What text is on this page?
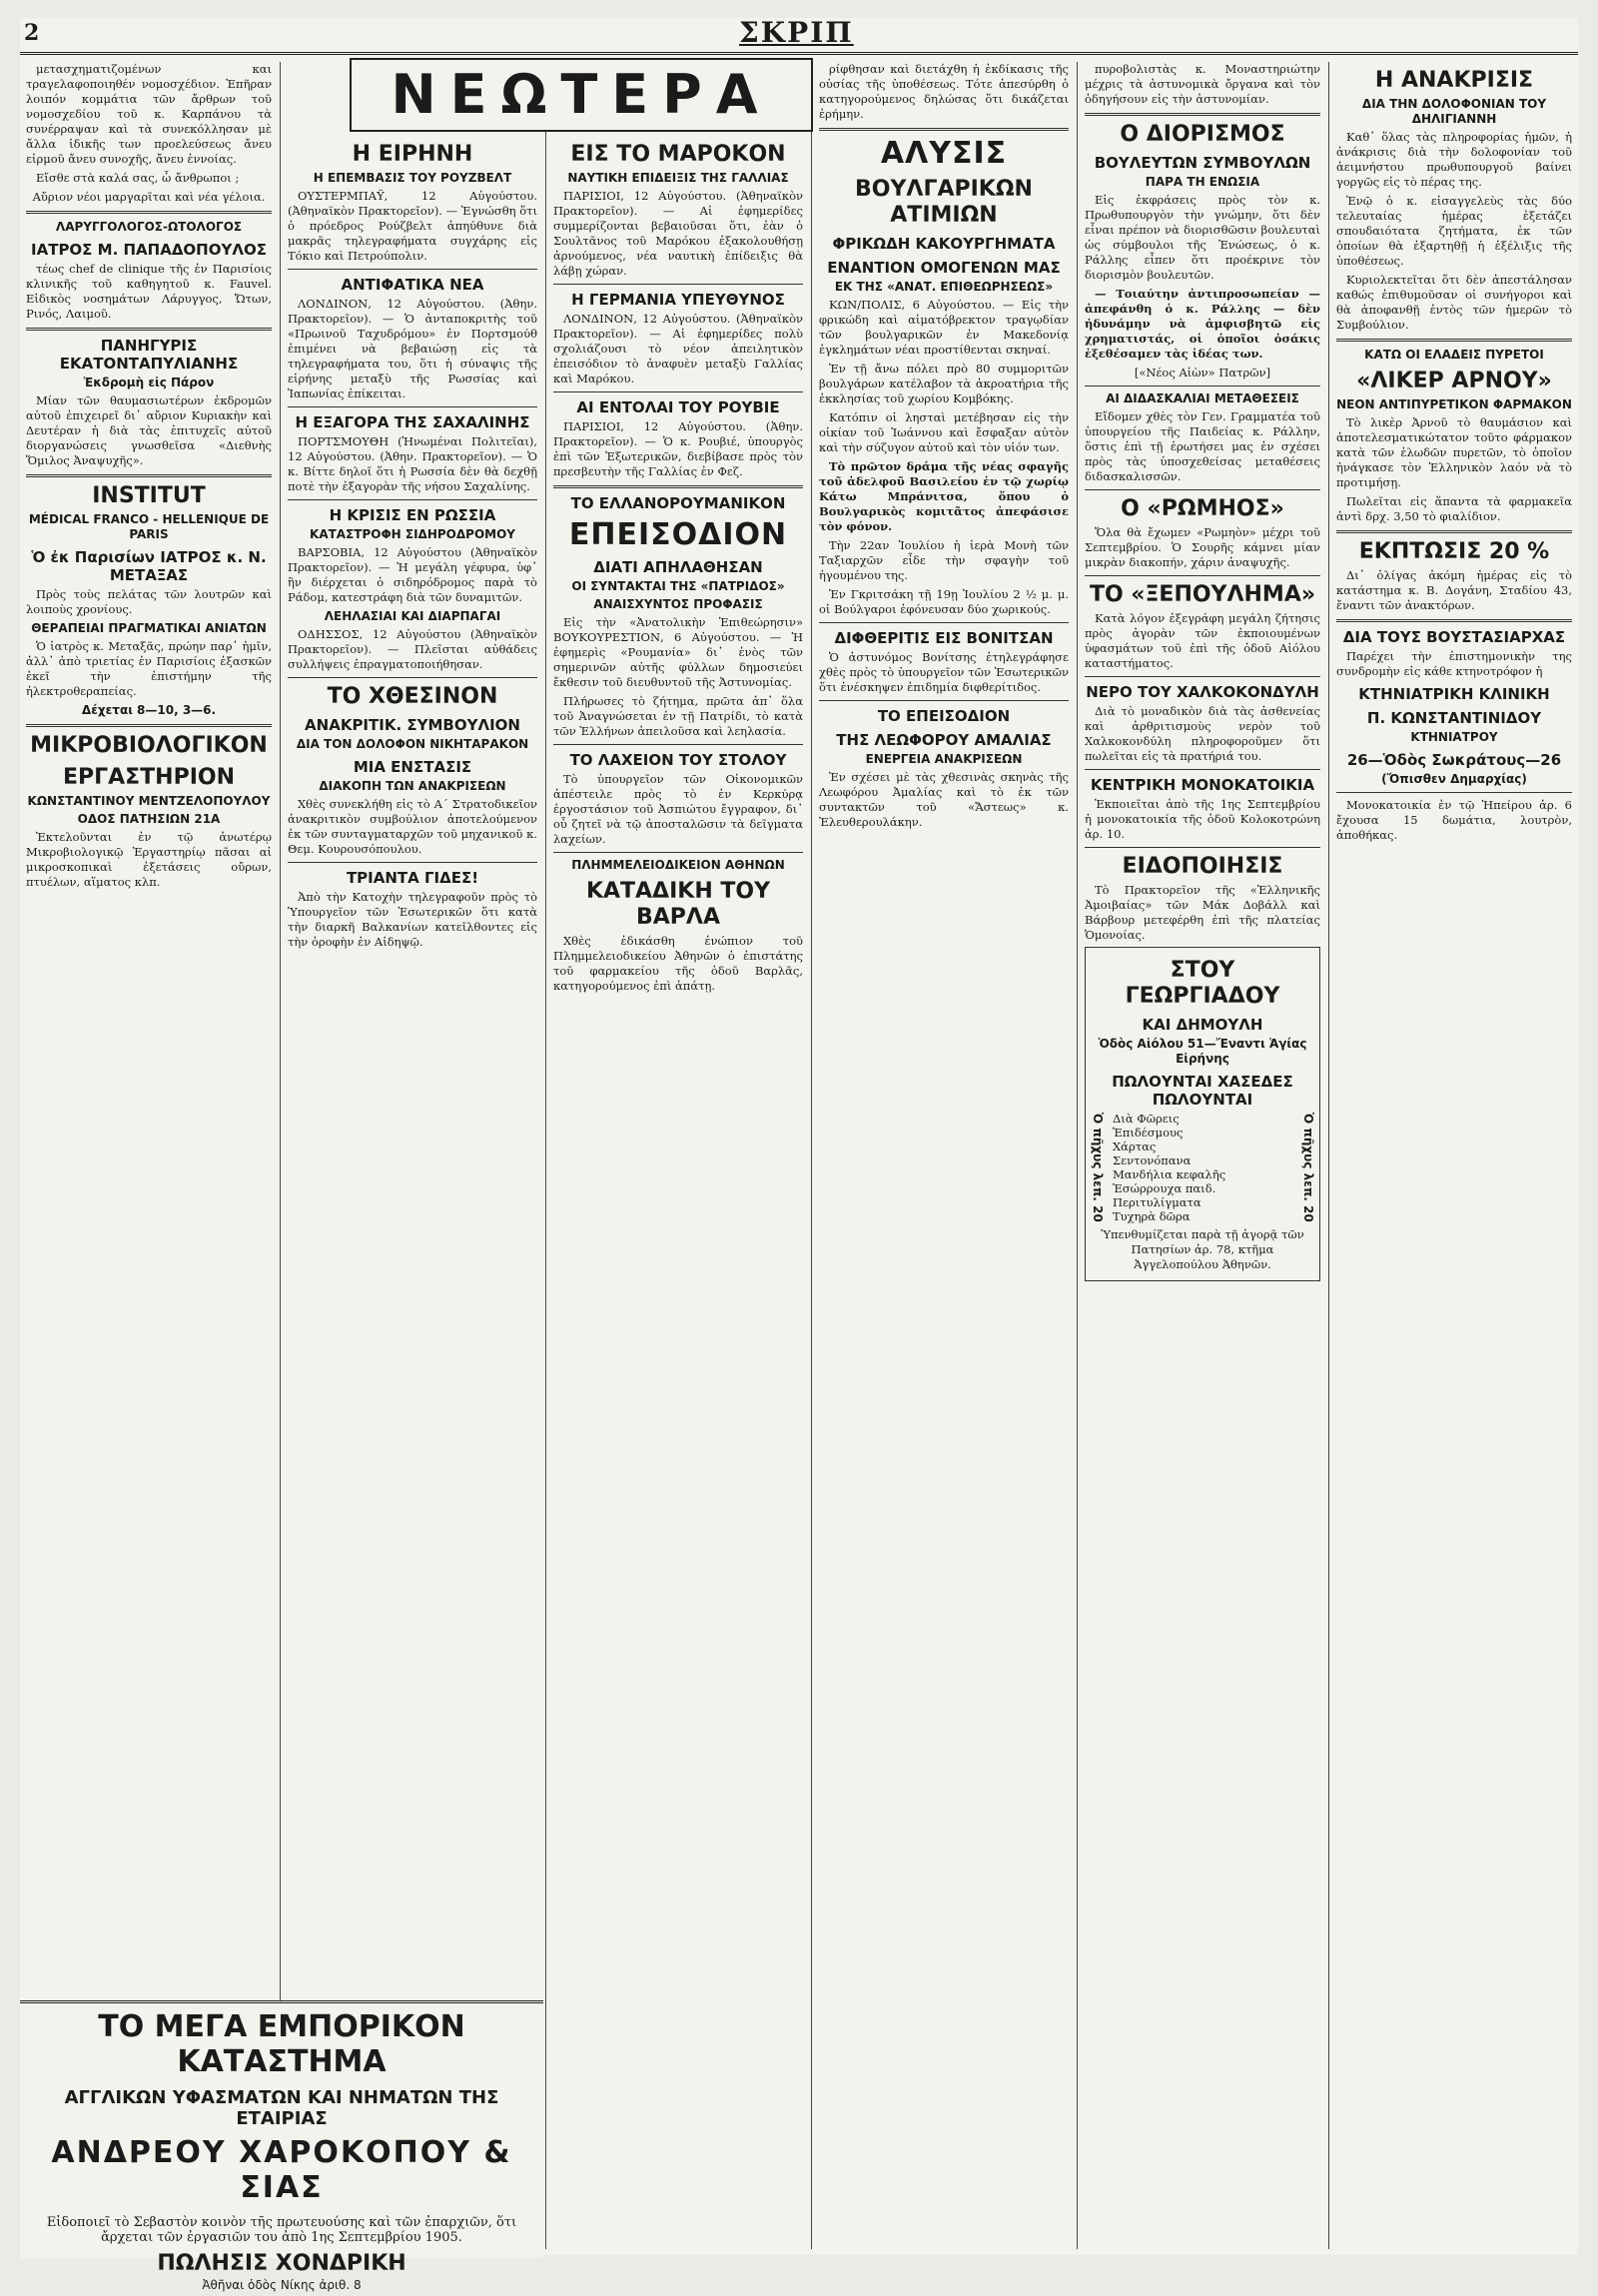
2	ΣΚΡΙΠ
ΝΕΩΤΕΡΑ

μετασχηματιζομένων και τραγελαφοποιηθέν νομοσχέδιον. Ἐπῆραν λοιπόν κομμάτια τῶν ἄρθρων τοῦ νομοσχεδίου τοῦ κ. Καρπάνου τὰ συνέρραψαν καὶ τὰ συνεκόλλησαν μὲ ἄλλα ἰδικῆς των προελεύσεως ἄνευ εἱρμοῦ ἄνευ συνοχῆς, ἄνευ ἐννοίας.

Εἴσθε στὰ καλά σας, ὦ ἄνθρωποι ;

Αὔριον νέοι μαργαρῖται καὶ νέα γέλοια.

ΛΑΡΥΓΓΟΛΟΓΟΣ-ΩΤΟΛΟΓΟΣ
ΙΑΤΡΟΣ Μ. ΠΑΠΑΔΟΠΟΥΛΟΣ

τέως chef de clinique τῆς ἐν Παρισίοις κλινικῆς τοῦ καθηγητοῦ κ. Fauvel. Εἰδικὸς νοσημάτων Λάρυγγος, Ὤτων, Ρινός, Λαιμοῦ.

ΠΑΝΗΓΥΡΙΣ ΕΚΑΤΟΝΤΑΠΥΛΙΑΝΗΣ
Ἐκδρομὴ εἰς Πάρον

Μίαν τῶν θαυμασιωτέρων ἐκδρομῶν αὐτοῦ ἐπιχειρεῖ δι᾽ αὔριον Κυριακὴν καὶ Δευτέραν ἡ διὰ τὰς ἐπιτυχεῖς αὐτοῦ διοργανώσεις γνωσθεῖσα «Διεθνὴς Ὅμιλος Ἀναψυχῆς».

INSTITUT
MÉDICAL FRANCO - HELLENIQUE DE PARIS
Ὁ ἐκ Παρισίων ΙΑΤΡΟΣ κ. Ν. ΜΕΤΑΞΑΣ

Πρὸς τοὺς πελάτας τῶν λουτρῶν καὶ λοιποὺς χρονίους.

ΘΕΡΑΠΕΙΑΙ ΠΡΑΓΜΑΤΙΚΑΙ ΑΝΙΑΤΩΝ

Ὁ ἰατρὸς κ. Μεταξᾶς, πρώην παρ᾽ ἡμῖν, ἀλλ᾽ ἀπὸ τριετίας ἐν Παρισίοις ἐξασκῶν ἐκεῖ τὴν ἐπιστήμην τῆς ἠλεκτροθεραπείας.

Δέχεται 8—10, 3—6.
ΜΙΚΡΟΒΙΟΛΟΓΙΚΟΝ
ΕΡΓΑΣΤΗΡΙΟΝ
ΚΩΝΣΤΑΝΤΙΝΟΥ ΜΕΝΤΖΕΛΟΠΟΥΛΟΥ
ΟΔΟΣ ΠΑΤΗΣΙΩΝ 21Α

Ἐκτελοῦνται ἐν τῷ ἀνωτέρῳ Μικροβιολογικῷ Ἐργαστηρίῳ πᾶσαι αἱ μικροσκοπικαὶ ἐξετάσεις οὔρων, πτυέλων, αἵματος κλπ.

Η ΕΙΡΗΝΗ
Η ΕΠΕΜΒΑΣΙΣ ΤΟΥ ΡΟΥΖΒΕΛΤ

ΟΥΣΤΕΡΜΠΑΫ, 12 Αὐγούστου. (Ἀθηναϊκὸν Πρακτορεῖον). — Ἐγνώσθη ὅτι ὁ πρόεδρος Ρούζβελτ ἀπηύθυνε διὰ μακρᾶς τηλεγραφήματα συγχάρης εἰς Τόκιο καὶ Πετρούπολιν.

ΑΝΤΙΦΑΤΙΚΑ ΝΕΑ

ΛΟΝΔΙΝΟΝ, 12 Αὐγούστου. (Ἀθην. Πρακτορεῖον). — Ὁ ἀνταποκριτὴς τοῦ «Πρωινοῦ Ταχυδρόμου» ἐν Πορτσμούθ ἐπιμένει νὰ βεβαιώσῃ εἰς τὰ τηλεγραφήματα του, ὅτι ἡ σύναψις τῆς εἰρήνης μεταξὺ τῆς Ρωσσίας καὶ Ἰαπωνίας ἐπίκειται.

Η ΕΞΑΓΟΡΑ ΤΗΣ ΣΑΧΑΛΙΝΗΣ

ΠΟΡΤΣΜΟΥΘΗ (Ἡνωμέναι Πολιτεῖαι), 12 Αὐγούστου. (Ἀθην. Πρακτορεῖον). — Ὁ κ. Βίττε δηλοῖ ὅτι ἡ Ρωσσία δὲν θὰ δεχθῇ ποτὲ τὴν ἐξαγορὰν τῆς νήσου Σαχαλίνης.

Η ΚΡΙΣΙΣ ΕΝ ΡΩΣΣΙΑ
ΚΑΤΑΣΤΡΟΦΗ ΣΙΔΗΡΟΔΡΟΜΟΥ

ΒΑΡΣΟΒΙΑ, 12 Αὐγούστου (Ἀθηναϊκὸν Πρακτορεῖον). — Ἡ μεγάλη γέφυρα, ὑφ᾽ ἣν διέρχεται ὁ σιδηρόδρομος παρὰ τὸ Ράδομ, κατεστράφη διὰ τῶν δυναμιτῶν.

ΛΕΗΛΑΣΙΑΙ ΚΑΙ ΔΙΑΡΠΑΓΑΙ

ΟΔΗΣΣΟΣ, 12 Αὐγούστου (Ἀθηναϊκὸν Πρακτορεῖον). — Πλεῖσται αὐθάδεις συλλήψεις ἐπραγματοποιήθησαν.

ΤΟ ΧΘΕΣΙΝΟΝ
ΑΝΑΚΡΙΤΙΚ. ΣΥΜΒΟΥΛΙΟΝ
ΔΙΑ ΤΟΝ ΔΟΛΟΦΟΝ ΝΙΚΗΤΑΡΑΚΟΝ
ΜΙΑ ΕΝΣΤΑΣΙΣ
ΔΙΑΚΟΠΗ ΤΩΝ ΑΝΑΚΡΙΣΕΩΝ

Χθὲς συνεκλήθη εἰς τὸ Α΄ Στρατοδικεῖον ἀνακριτικὸν συμβούλιον ἀποτελούμενον ἐκ τῶν συνταγματαρχῶν τοῦ μηχανικοῦ κ. Θεμ. Κουρουσόπουλου.

ΤΡΙΑΝΤΑ ΓΙΔΕΣ!

Ἀπὸ τὴν Κατοχὴν τηλεγραφοῦν πρὸς τὸ Ὑπουργεῖον τῶν Ἐσωτερικῶν ὅτι κατὰ τὴν διαρκῆ Βαλκανίων κατεῖλθοντες εἰς τὴν ὀροφὴν ἐν Αἰδηψῷ.

ΕΙΣ ΤΟ ΜΑΡΟΚΟΝ
ΝΑΥΤΙΚΗ ΕΠΙΔΕΙΞΙΣ ΤΗΣ ΓΑΛΛΙΑΣ

ΠΑΡΙΣΙΟΙ, 12 Αὐγούστου. (Ἀθηναϊκὸν Πρακτορεῖον). — Αἱ ἐφημερίδες συμμερίζονται βεβαιοῦσαι ὅτι, ἐὰν ὁ Σουλτᾶνος τοῦ Μαρόκου ἐξακολουθήσῃ ἀρνούμενος, νέα ναυτικὴ ἐπίδειξις θὰ λάβῃ χώραν.

Η ΓΕΡΜΑΝΙΑ ΥΠΕΥΘΥΝΟΣ

ΛΟΝΔΙΝΟΝ, 12 Αὐγούστου. (Ἀθηναϊκὸν Πρακτορεῖον). — Αἱ ἐφημερίδες πολὺ σχολιάζουσι τὸ νέον ἀπειλητικὸν ἐπεισόδιον τὸ ἀναφυὲν μεταξὺ Γαλλίας καὶ Μαρόκου.

ΑΙ ΕΝΤΟΛΑΙ ΤΟΥ ΡΟΥΒΙΕ

ΠΑΡΙΣΙΟΙ, 12 Αὐγούστου. (Ἀθην. Πρακτορεῖον). — Ὁ κ. Ρουβιέ, ὑπουργὸς ἐπὶ τῶν Ἐξωτερικῶν, διεβίβασε πρὸς τὸν πρεσβευτὴν τῆς Γαλλίας ἐν Φεζ.

ΤΟ ΕΛΛΑΝΟΡΟΥΜΑΝΙΚΟΝ
ΕΠΕΙΣΟΔΙΟΝ
ΔΙΑΤΙ ΑΠΗΛΑΘΗΣΑΝ
ΟΙ ΣΥΝΤΑΚΤΑΙ ΤΗΣ «ΠΑΤΡΙΔΟΣ»
ΑΝΑΙΣΧΥΝΤΟΣ ΠΡΟΦΑΣΙΣ

Εἰς τὴν «Ἀνατολικὴν Ἐπιθεώρησιν» ΒΟΥΚΟΥΡΕΣΤΙΟΝ, 6 Αὐγούστου. — Ἡ ἐφημερὶς «Ρουμανία» δι᾽ ἑνὸς τῶν σημερινῶν αὐτῆς φύλλων δημοσιεύει ἔκθεσιν τοῦ διευθυντοῦ τῆς Ἀστυνομίας.

Πλήρωσες τὸ ζήτημα, πρῶτα ἀπ᾽ ὅλα τοῦ Ἀναγνώσεται ἐν τῇ Πατρίδι, τὸ κατὰ τῶν Ἑλλήνων ἀπειλοῦσα καὶ λεηλασία.

ΤΟ ΛΑΧΕΙΟΝ ΤΟΥ ΣΤΟΛΟΥ

Τὸ ὑπουργεῖον τῶν Οἰκονομικῶν ἀπέστειλε πρὸς τὸ ἐν Κερκύρᾳ ἐργοστάσιον τοῦ Ἀσπιώτου ἔγγραφον, δι᾽ οὗ ζητεῖ νὰ τῷ ἀποσταλῶσιν τὰ δεῖγματα λαχείων.

ΠΛΗΜΜΕΛΕΙΟΔΙΚΕΙΟΝ ΑΘΗΝΩΝ
ΚΑΤΑΔΙΚΗ ΤΟΥ ΒΑΡΛΑ

Χθὲς ἐδικάσθη ἐνώπιον τοῦ Πλημμελειοδικείου Ἀθηνῶν ὁ ἐπιστάτης τοῦ φαρμακείου τῆς ὁδοῦ Βαρλᾶς, κατηγορούμενος ἐπὶ ἀπάτῃ.

ρίφθησαν καὶ διετάχθη ἡ ἐκδίκασις τῆς οὐσίας τῆς ὑποθέσεως. Τότε ἀπεσύρθη ὁ κατηγορούμενος δηλώσας ὅτι δικάζεται ἐρήμην.

ΑΛΥΣΙΣ
ΒΟΥΛΓΑΡΙΚΩΝ ΑΤΙΜΙΩΝ
ΦΡΙΚΩΔΗ ΚΑΚΟΥΡΓΗΜΑΤΑ
ΕΝΑΝΤΙΟΝ ΟΜΟΓΕΝΩΝ ΜΑΣ
ΕΚ ΤΗΣ «ΑΝΑΤ. ΕΠΙΘΕΩΡΗΣΕΩΣ»

ΚΩΝ/ΠΟΛΙΣ, 6 Αὐγούστου. — Εἰς τὴν φρικώδη καὶ αἱματόβρεκτον τραγῳδίαν τῶν βουλγαρικῶν ἐν Μακεδονίᾳ ἐγκλημάτων νέαι προστίθενται σκηναί.

Ἐν τῇ ἄνω πόλει πρὸ 80 συμμοριτῶν βουλγάρων κατέλαβον τὰ ἀκροατήρια τῆς ἐκκλησίας τοῦ χωρίου Κομβόκης.

Κατόπιν οἱ λησταὶ μετέβησαν εἰς τὴν οἰκίαν τοῦ Ἰωάννου καὶ ἔσφαξαν αὐτὸν καὶ τὴν σύζυγον αὐτοῦ καὶ τὸν υἱόν των.

Τὸ πρῶτον δράμα τῆς νέας σφαγῆς τοῦ ἀδελφοῦ Βασιλείου ἐν τῷ χωρίῳ Κάτω Μπράνιτσα, ὅπου ὁ Βουλγαρικὸς κομιτᾶτος ἀπεφάσισε τὸν φόνον.

Τὴν 22αν Ἰουλίου ἡ ἱερὰ Μονὴ τῶν Ταξιαρχῶν εἶδε τὴν σφαγὴν τοῦ ἡγουμένου της.

Ἐν Γκριτσάκη τῇ 19ῃ Ἰουλίου 2 ½ μ. μ. οἱ Βούλγαροι ἐφόνευσαν δύο χωρικούς.

ΔΙΦΘΕΡΙΤΙΣ ΕΙΣ ΒΟΝΙΤΣΑΝ

Ὁ ἀστυνόμος Βονίτσης ἐτηλεγράφησε χθὲς πρὸς τὸ ὑπουργεῖον τῶν Ἐσωτερικῶν ὅτι ἐνέσκηψεν ἐπιδημία διφθερίτιδος.

ΤΟ ΕΠΕΙΣΟΔΙΟΝ
ΤΗΣ ΛΕΩΦΟΡΟΥ ΑΜΑΛΙΑΣ
ΕΝΕΡΓΕΙΑ ΑΝΑΚΡΙΣΕΩΝ

Ἐν σχέσει μὲ τὰς χθεσινὰς σκηνὰς τῆς Λεωφόρου Ἀμαλίας καὶ τὸ ἐκ τῶν συντακτῶν τοῦ «Ἄστεως» κ. Ἐλευθερουλάκην.

πυροβολιστὰς κ. Μοναστηριώτην μέχρις τὰ ἀστυνομικὰ ὄργανα καὶ τὸν ὁδηγήσουν εἰς τὴν ἀστυνομίαν.

Ο ΔΙΟΡΙΣΜΟΣ
ΒΟΥΛΕΥΤΩΝ ΣΥΜΒΟΥΛΩΝ
ΠΑΡΑ ΤΗ ΕΝΩΣΙΑ

Εἰς ἐκφράσεις πρὸς τὸν κ. Πρωθυπουργὸν τὴν γνώμην, ὅτι δὲν εἶναι πρέπον νὰ διορισθῶσιν βουλευταὶ ὡς σύμβουλοι τῆς Ἐνώσεως, ὁ κ. Ράλλης εἶπεν ὅτι προέκρινε τὸν διορισμὸν βουλευτῶν.

— Τοιαύτην ἀντιπροσωπείαν — ἀπεφάνθη ὁ κ. Ράλλης — δὲν ἠδυνάμην νὰ ἀμφισβητῶ εἰς χρηματιστάς, οἱ ὁποῖοι ὁσάκις ἐξεθέσαμεν τὰς ἰδέας των.

[«Νέος Αἰὼν» Πατρῶν]

ΑΙ ΔΙΔΑΣΚΑΛΙΑΙ ΜΕΤΑΘΕΣΕΙΣ

Εἴδομεν χθὲς τὸν Γεν. Γραμματέα τοῦ ὑπουργείου τῆς Παιδείας κ. Ράλλην, ὅστις ἐπὶ τῇ ἐρωτήσει μας ἐν σχέσει πρὸς τὰς ὑποσχεθείσας μεταθέσεις διδασκαλισσῶν.

Ο «ΡΩΜΗΟΣ»

Ὅλα θὰ ἔχωμεν «Ρωμηὸν» μέχρι τοῦ Σεπτεμβρίου. Ὁ Σουρῆς κάμνει μίαν μικρὰν διακοπήν, χάριν ἀναψυχῆς.

ΤΟ «ΞΕΠΟΥΛΗΜΑ»

Κατὰ λόγον ἐξεγράφη μεγάλη ζήτησις πρὸς ἀγορὰν τῶν ἐκποιουμένων ὑφασμάτων τοῦ ἐπὶ τῆς ὁδοῦ Αἰόλου καταστήματος.

ΝΕΡΟ ΤΟΥ ΧΑΛΚΟΚΟΝΔΥΛΗ

Διὰ τὸ μοναδικὸν διὰ τὰς ἀσθενείας καὶ ἀρθριτισμοὺς νερὸν τοῦ Χαλκοκονδύλη πληροφοροῦμεν ὅτι πωλεῖται εἰς τὰ πρατήριά του.

ΚΕΝΤΡΙΚΗ ΜΟΝΟΚΑΤΟΙΚΙΑ

Ἐκποιεῖται ἀπὸ τῆς 1ης Σεπτεμβρίου ἡ μονοκατοικία τῆς ὁδοῦ Κολοκοτρώνη ἀρ. 10.

ΕΙΔΟΠΟΙΗΣΙΣ

Τὸ Πρακτορεῖον τῆς «Ἑλληνικῆς Ἀμοιβαίας» τῶν Μάκ Δοβάλλ καὶ Βάρβουρ μετεφέρθη ἐπὶ τῆς πλατείας Ὁμονοίας.

ΣΤΟΥ ΓΕΩΡΓΙΑΔΟΥ
ΚΑΙ ΔΗΜΟΥΛΗ
Ὁδὸς Αἰόλου 51—Ἔναντι Ἁγίας Εἰρήνης
ΠΩΛΟΥΝΤΑΙ ΧΑΣΕΔΕΣ ΠΩΛΟΥΝΤΑΙ
Ὁ πῆχυς λεπ. 20 Διὰ Φῶρεις
Ἐπιδέσμους
Χάρτας
Σεντονόπανα
Μανδήλια κεφαλῆς
Ἐσώρρουχα παιδ.
Περιτυλίγματα
Τυχηρὰ δῶρα	Ὁ πῆχυς λεπ. 20

Ὑπενθυμίζεται παρὰ τῇ ἀγορᾷ τῶν Πατησίων ἀρ. 78, κτῆμα Ἀγγελοπούλου Ἀθηνῶν.

Η ΑΝΑΚΡΙΣΙΣ
ΔΙΑ ΤΗΝ ΔΟΛΟΦΟΝΙΑΝ ΤΟΥ ΔΗΛΙΓΙΑΝΝΗ

Καθ᾽ ὅλας τὰς πληροφορίας ἡμῶν, ἡ ἀνάκρισις διὰ τὴν δολοφονίαν τοῦ ἀειμνήστου πρωθυπουργοῦ βαίνει γοργῶς εἰς τὸ πέρας της.

Ἐνῷ ὁ κ. εἰσαγγελεὺς τὰς δύο τελευταίας ἡμέρας ἐξετάζει σπουδαιότατα ζητήματα, ἐκ τῶν ὁποίων θὰ ἐξαρτηθῇ ἡ ἐξέλιξις τῆς ὑποθέσεως.

Κυριολεκτεῖται ὅτι δὲν ἀπεστάλησαν καθώς ἐπιθυμοῦσαν οἱ συνήγοροι καὶ θὰ ἀποφανθῇ ἐντὸς τῶν ἡμερῶν τὸ Συμβούλιον.

ΚΑΤΩ ΟΙ ΕΛΑΔΕΙΣ ΠΥΡΕΤΟΙ
«ΛΙΚΕΡ ΑΡΝΟΥ»
ΝΕΟΝ ΑΝΤΙΠΥΡΕΤΙΚΟΝ ΦΑΡΜΑΚΟΝ

Τὸ λικὲρ Ἀρνοῦ τὸ θαυμάσιον καὶ ἀποτελεσματικώτατον τοῦτο φάρμακον κατὰ τῶν ἑλωδῶν πυρετῶν, τὸ ὁποῖον ἠνάγκασε τὸν Ἑλληνικὸν λαόν νὰ τὸ προτιμήσῃ.

Πωλεῖται εἰς ἅπαντα τὰ φαρμακεῖα ἀντὶ δρχ. 3,50 τὸ φιαλίδιον.

ΕΚΠΤΩΣΙΣ 20 %

Δι᾽ ὀλίγας ἀκόμη ἡμέρας εἰς τὸ κατάστημα κ. Β. Δογάνη, Σταδίου 43, ἔναντι τῶν ἀνακτόρων.

ΔΙΑ ΤΟΥΣ ΒΟΥΣΤΑΣΙΑΡΧΑΣ

Παρέχει τὴν ἐπιστημονικὴν της συνδρομὴν εἰς κάθε κτηνοτρόφον ἡ

ΚΤΗΝΙΑΤΡΙΚΗ ΚΛΙΝΙΚΗ
Π. ΚΩΝΣΤΑΝΤΙΝΙΔΟΥ
ΚΤΗΝΙΑΤΡΟΥ
26—Ὁδὸς Σωκράτους—26
(Ὄπισθεν Δημαρχίας)

Μονοκατοικία ἐν τῷ Ἠπείρου ἀρ. 6 ἔχουσα 15 δωμάτια, λουτρὸν, ἀποθήκας.

ΤΟ ΜΕΓΑ ΕΜΠΟΡΙΚΟΝ ΚΑΤΑΣΤΗΜΑ
ΑΓΓΛΙΚΩΝ ΥΦΑΣΜΑΤΩΝ ΚΑΙ ΝΗΜΑΤΩΝ ΤΗΣ ΕΤΑΙΡΙΑΣ
ΑΝΔΡΕΟΥ ΧΑΡΟΚΟΠΟΥ & ΣΙΑΣ
Εἰδοποιεῖ τὸ Σεβαστὸν κοινὸν τῆς πρωτευούσης καὶ τῶν ἐπαρχιῶν, ὅτι ἄρχεται τῶν ἐργασιῶν του ἀπὸ 1ης Σεπτεμβρίου 1905.
ΠΩΛΗΣΙΣ ΧΟΝΔΡΙΚΗ
Ἀθῆναι ὁδὸς Νίκης ἀριθ. 8
